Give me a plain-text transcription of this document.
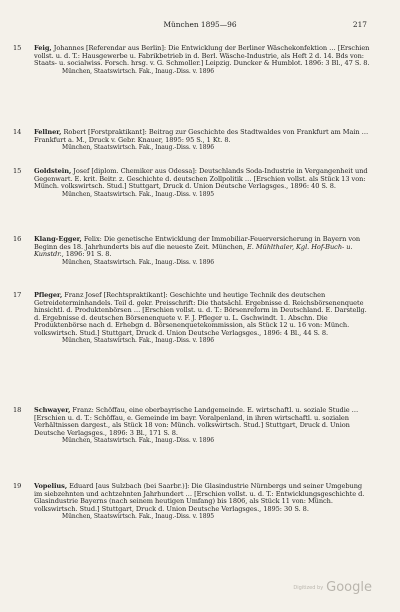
München 1895—96	217
15	Feig, Johannes [Referendar aus Berlin]: Die Entwicklung der Berliner Wäschekonfektion … [Erschien vollst. u. d. T.: Hausgewerbe u. Fabrikbetrieb in d. Berl. Wäsche-Industrie, als Heft 2 d. 14. Bds von: Staats- u. socialwiss. Forsch. hrsg. v. G. Schmoller.] Leipzig. Duncker & Humblot. 1896: 3 Bl., 47 S. 8.
München, Staatswirtsch. Fak., Inaug.-Diss. v. 1896
14	Fellner, Robert [Forstpraktikant]: Beitrag zur Geschichte des Stadtwaldes von Frankfurt am Main … Frankfurt a. M., Druck v. Gebr. Knauer, 1895: 95 S., 1 Kt. 8.
München, Staatswirtsch. Fak., Inaug.-Diss. v. 1896
15	Goldstein, Josef [diplom. Chemiker aus Odessa]: Deutschlands Soda-Industrie in Vergangenheit und Gegenwart. E. krit. Beitr. z. Geschichte d. deutschen Zollpolitik … [Erschien vollst. als Stück 13 von: Münch. volkswirtsch. Stud.] Stuttgart, Druck d. Union Deutsche Verlagsges., 1896: 40 S. 8.
München, Staatswirtsch. Fak., Inaug.-Diss. v. 1895
16	Klang-Egger, Felix: Die genetische Entwicklung der Immobiliar-Feuerversicherung in Bayern von Beginn des 18. Jahrhunderts bis auf die neueste Zeit. München, E. Mühlthaler, Kgl. Hof-Buch- u. Kunstdr., 1896: 91 S. 8.
München, Staatswirtsch. Fak., Inaug.-Diss. v. 1896
17	Pfleger, Franz Josef [Rechtspraktikant]: Geschichte und heutige Technik des deutschen Getreideterminhandels. Teil d. gekr. Preisschrift: Die thatsächl. Ergebnisse d. Reichsbörsenenquete hinsichtl. d. Produktenbörsen … [Erschien vollst. u. d. T.: Börsenreform in Deutschland. E. Darstellg. d. Ergebnisse d. deutschen Börsenenquete v. F. J. Pfleger u. L. Gschwindt. 1. Abschn. Die Produktenbörse nach d. Erhebgn d. Börsenenquetekommission, als Stück 12 u. 16 von: Münch. volkswirtsch. Stud.] Stuttgart, Druck d. Union Deutsche Verlagsges., 1896: 4 Bl., 44 S. 8.
München, Staatswirtsch. Fak., Inaug.-Diss. v. 1896
18	Schwayer, Franz: Schöffau, eine oberbayrische Landgemeinde. E. wirtschaftl. u. soziale Studie … [Erschien u. d. T.: Schöffau, e. Gemeinde im bayr. Voralpenland, in ihren wirtschaftl. u. sozialen Verhältnissen dargest., als Stück 18 von: Münch. volkswirtsch. Stud.] Stuttgart, Druck d. Union Deutsche Verlagsges., 1896: 3 Bl., 171 S. 8.
München, Staatswirtsch. Fak., Inaug.-Diss. v. 1896
19	Vopelius, Eduard [aus Sulzbach (bei Saarbr.)]: Die Glasindustrie Nürnbergs und seiner Umgebung im siebzehnten und achtzehnten Jahrhundert … [Erschien vollst. u. d. T.: Entwicklungsgeschichte d. Glasindustrie Bayerns (nach seinem heutigen Umfang) bis 1806, als Stück 11 von: Münch. volkswirtsch. Stud.] Stuttgart, Druck d. Union Deutsche Verlagsges., 1895: 30 S. 8.
München, Staatswirtsch. Fak., Inaug.-Diss. v. 1895
Digitized by Google
